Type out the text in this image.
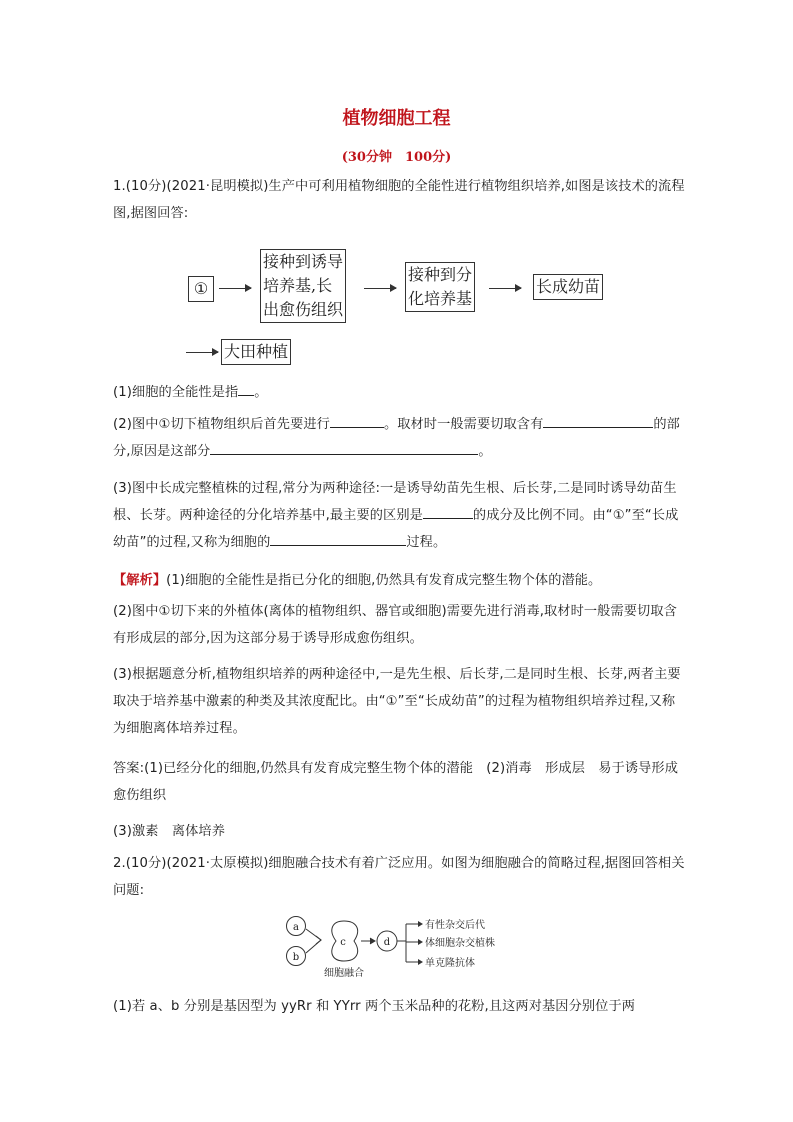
植物细胞工程
(30分钟　100分)
1.(10分)(2021·昆明模拟)生产中可利用植物细胞的全能性进行植物组织培养,如图是该技术的流程图,据图回答:
①
接种到诱导
培养基,长
出愈伤组织
接种到分
化培养基
长成幼苗
大田种植
(1)细胞的全能性是指 。
(2)图中①切下植物组织后首先要进行	。取材时一般需要切取含有	的部分,原因是这部分	。
(3)图中长成完整植株的过程,常分为两种途径:一是诱导幼苗先生根、后长芽,二是同时诱导幼苗生根、长芽。两种途径的分化培养基中,最主要的区别是	的成分及比例不同。由“①”至“长成幼苗”的过程,又称为细胞的	过程。
【解析】(1)细胞的全能性是指已分化的细胞,仍然具有发育成完整生物个体的潜能。
(2)图中①切下来的外植体(离体的植物组织、器官或细胞)需要先进行消毒,取材时一般需要切取含有形成层的部分,因为这部分易于诱导形成愈伤组织。
(3)根据题意分析,植物组织培养的两种途径中,一是先生根、后长芽,二是同时生根、长芽,两者主要取决于培养基中激素的种类及其浓度配比。由“①”至“长成幼苗”的过程为植物组织培养过程,又称为细胞离体培养过程。
答案:(1)已经分化的细胞,仍然具有发育成完整生物个体的潜能　(2)消毒　形成层　易于诱导形成愈伤组织
(3)激素　离体培养
2.(10分)(2021·太原模拟)细胞融合技术有着广泛应用。如图为细胞融合的简略过程,据图回答相关问题:
a
b
c	d
有性杂交后代
体细胞杂交植株
单克隆抗体
细胞融合
(1)若 a、b 分别是基因型为 yyRr 和 YYrr 两个玉米品种的花粉,且这两对基因分别位于两
